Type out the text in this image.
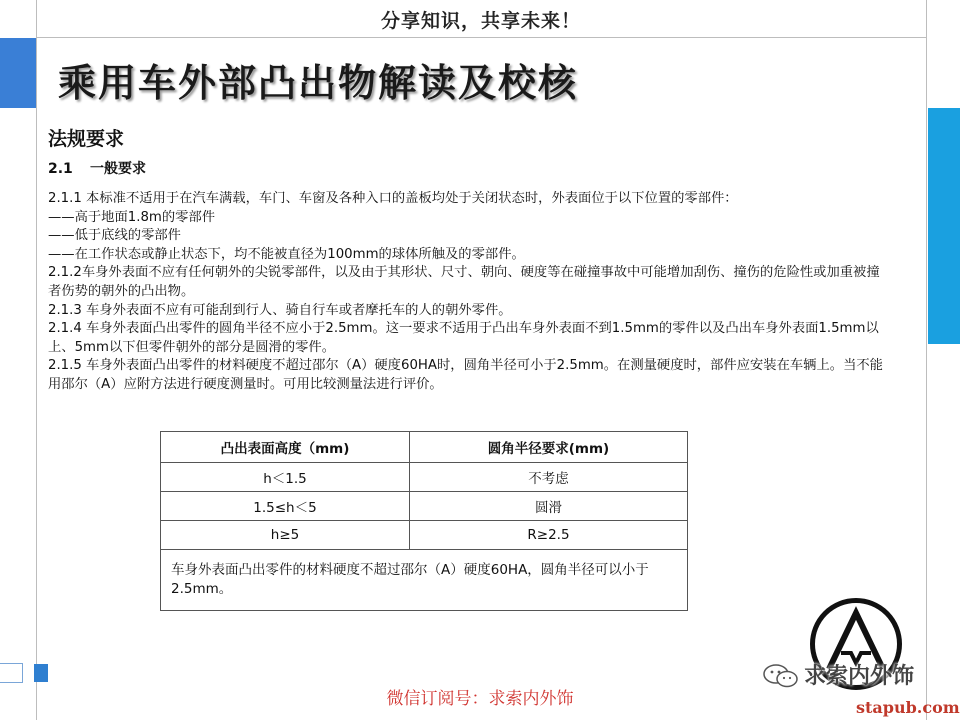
分享知识，共享未来！
乘用车外部凸出物解读及校核
法规要求
2.1 一般要求

2.1.1 本标准不适用于在汽车满载，车门、车窗及各种入口的盖板均处于关闭状态时，外表面位于以下位置的零部件：

——高于地面1.8m的零部件

——低于底线的零部件

——在工作状态或静止状态下，均不能被直径为100mm的球体所触及的零部件。

2.1.2车身外表面不应有任何朝外的尖锐零部件，以及由于其形状、尺寸、朝向、硬度等在碰撞事故中可能增加刮伤、撞伤的危险性或加重被撞者伤势的朝外的凸出物。

2.1.3 车身外表面不应有可能刮到行人、骑自行车或者摩托车的人的朝外零件。

2.1.4 车身外表面凸出零件的圆角半径不应小于2.5mm。这一要求不适用于凸出车身外表面不到1.5mm的零件以及凸出车身外表面1.5mm以上、5mm以下但零件朝外的部分是圆滑的零件。

2.1.5 车身外表面凸出零件的材料硬度不超过邵尔（A）硬度60HA时，圆角半径可小于2.5mm。在测量硬度时，部件应安装在车辆上。当不能用邵尔（A）应附方法进行硬度测量时。可用比较测量法进行评价。

凸出表面高度（mm)	圆角半径要求(mm)
h＜1.5	不考虑
1.5≤h＜5	圆滑
h≥5	R≥2.5
车身外表面凸出零件的材料硬度不超过邵尔（A）硬度60HA，圆角半径可以小于2.5mm。	
求索内外饰
微信订阅号：求索内外饰	stapub.com
